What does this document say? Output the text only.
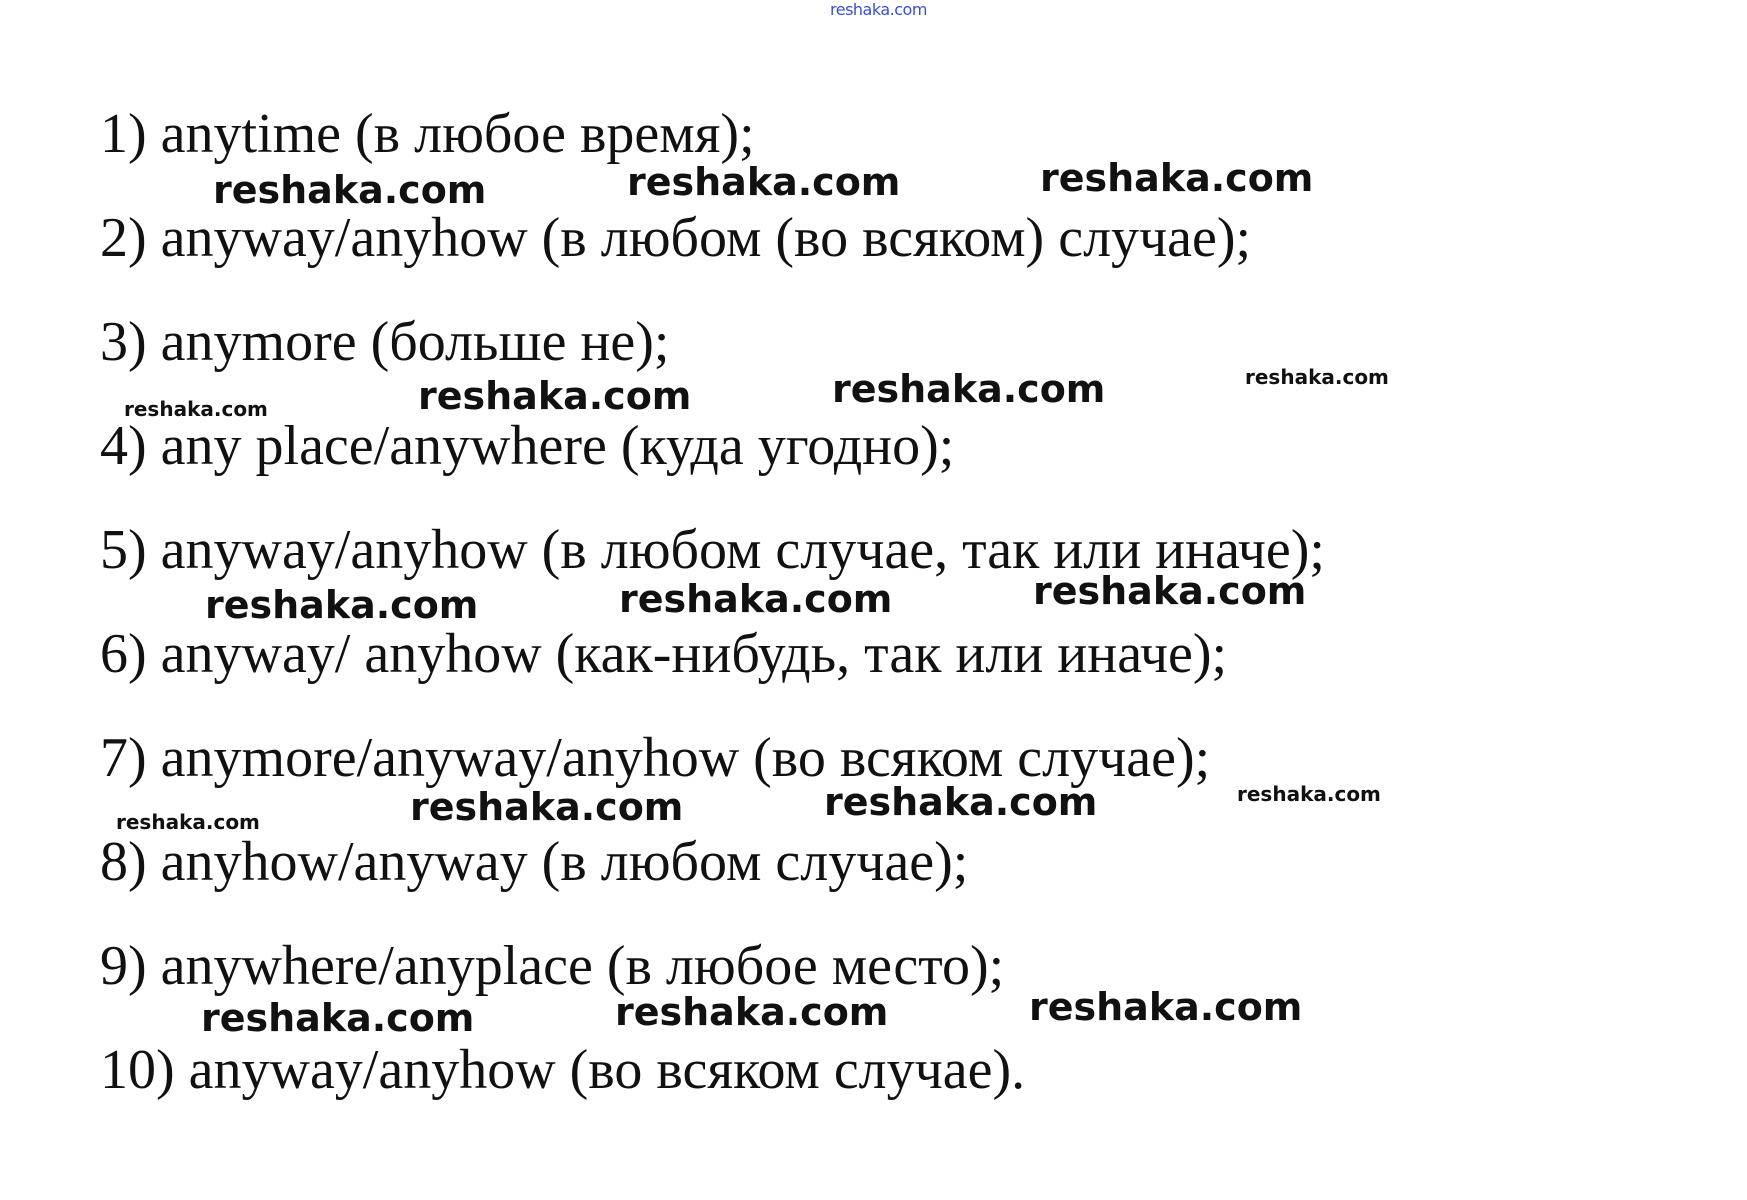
reshaka.com
1) anytime (в любое время);
2) anyway/anyhow (в любом (во всяком) случае);
3) anymore (больше не);
4) any place/anywhere (куда угодно);
5) anyway/anyhow (в любом случае, так или иначе);
6) anyway/ anyhow (как-нибудь, так или иначе);
7) anymore/anyway/anyhow (во всяком случае);
8) anyhow/anyway (в любом случае);
9) anywhere/anyplace (в любое место);
10) anyway/anyhow (во всяком случае).
reshaka.com	reshaka.com	reshaka.com
reshaka.com	reshaka.com	reshaka.com	reshaka.com
reshaka.com	reshaka.com	reshaka.com
reshaka.com	reshaka.com	reshaka.com	reshaka.com
reshaka.com	reshaka.com	reshaka.com
